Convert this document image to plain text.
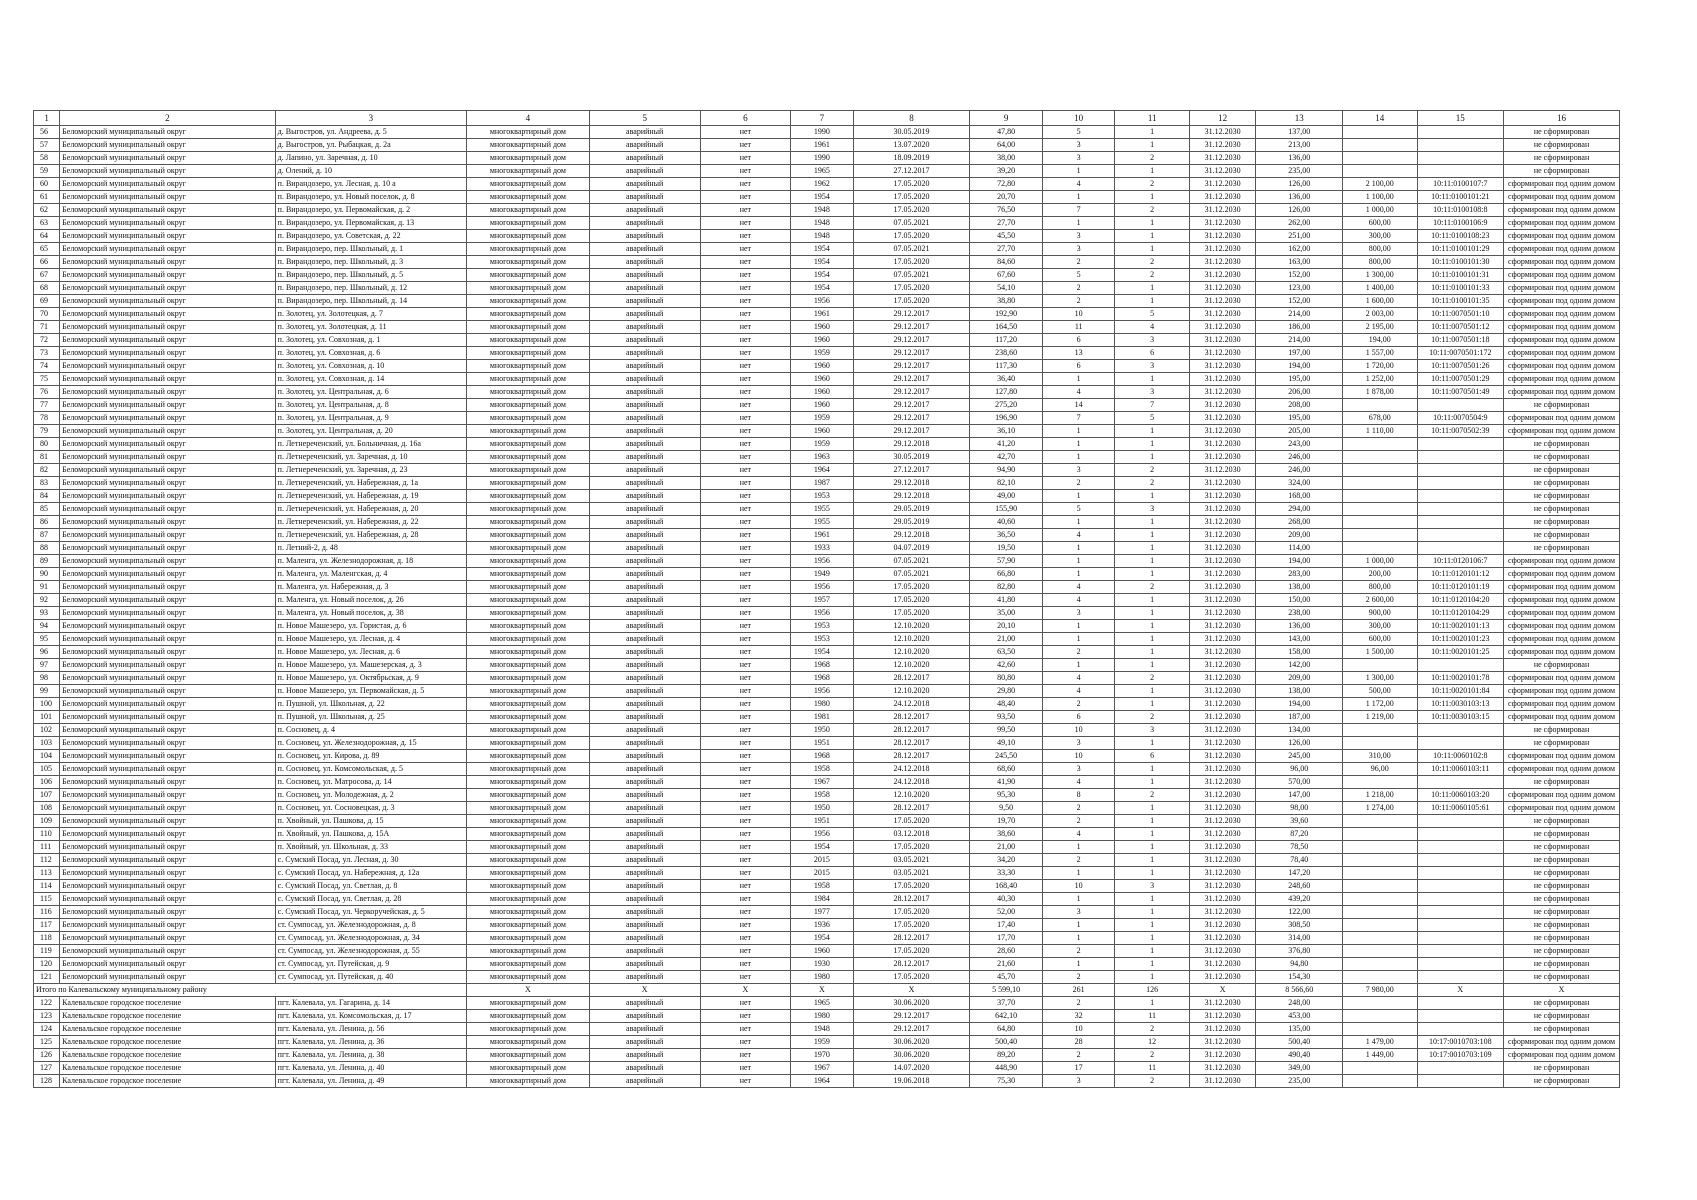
1	2	3	4	5	6	7	8	9	10	11	12	13	14	15	16
56	Беломорский муниципальный округ	д. Выгостров, ул. Андреева, д. 5	многоквартирный дом	аварийный	нет	1990	30.05.2019	47,80	5	1	31.12.2030	137,00			не сформирован
57	Беломорский муниципальный округ	д. Выгостров, ул. Рыбацкая, д. 2а	многоквартирный дом	аварийный	нет	1961	13.07.2020	64,00	3	1	31.12.2030	213,00			не сформирован
58	Беломорский муниципальный округ	д. Лапино, ул. Заречная, д. 10	многоквартирный дом	аварийный	нет	1990	18.09.2019	38,00	3	2	31.12.2030	136,00			не сформирован
59	Беломорский муниципальный округ	д. Олений, д. 10	многоквартирный дом	аварийный	нет	1965	27.12.2017	39,20	1	1	31.12.2030	235,00			не сформирован
60	Беломорский муниципальный округ	п. Вирандозеро, ул. Лесная, д. 10 а	многоквартирный дом	аварийный	нет	1962	17.05.2020	72,80	4	2	31.12.2030	126,00	2 100,00	10:11:0100107:7	сформирован под одним домом
61	Беломорский муниципальный округ	п. Вирандозеро, ул. Новый поселок, д. 8	многоквартирный дом	аварийный	нет	1954	17.05.2020	20,70	1	1	31.12.2030	136,00	1 100,00	10:11:0100101:21	сформирован под одним домом
62	Беломорский муниципальный округ	п. Вирандозеро, ул. Первомайская, д. 2	многоквартирный дом	аварийный	нет	1948	17.05.2020	76,50	7	2	31.12.2030	126,00	1 000,00	10:11:0100108:8	сформирован под одним домом
63	Беломорский муниципальный округ	п. Вирандозеро, ул. Первомайская, д. 13	многоквартирный дом	аварийный	нет	1948	07.05.2021	27,70	1	1	31.12.2030	262,00	600,00	10:11:0100106:9	сформирован под одним домом
64	Беломорский муниципальный округ	п. Вирандозеро, ул. Советская, д. 22	многоквартирный дом	аварийный	нет	1948	17.05.2020	45,50	3	1	31.12.2030	251,00	300,00	10:11:0100108:23	сформирован под одним домом
65	Беломорский муниципальный округ	п. Вирандозеро, пер. Школьный, д. 1	многоквартирный дом	аварийный	нет	1954	07.05.2021	27,70	3	1	31.12.2030	162,00	800,00	10:11:0100101:29	сформирован под одним домом
66	Беломорский муниципальный округ	п. Вирандозеро, пер. Школьный, д. 3	многоквартирный дом	аварийный	нет	1954	17.05.2020	84,60	2	2	31.12.2030	163,00	800,00	10:11:0100101:30	сформирован под одним домом
67	Беломорский муниципальный округ	п. Вирандозеро, пер. Школьный, д. 5	многоквартирный дом	аварийный	нет	1954	07.05.2021	67,60	5	2	31.12.2030	152,00	1 300,00	10:11:0100101:31	сформирован под одним домом
68	Беломорский муниципальный округ	п. Вирандозеро, пер. Школьный, д. 12	многоквартирный дом	аварийный	нет	1954	17.05.2020	54,10	2	1	31.12.2030	123,00	1 400,00	10:11:0100101:33	сформирован под одним домом
69	Беломорский муниципальный округ	п. Вирандозеро, пер. Школьный, д. 14	многоквартирный дом	аварийный	нет	1956	17.05.2020	38,80	2	1	31.12.2030	152,00	1 600,00	10:11:0100101:35	сформирован под одним домом
70	Беломорский муниципальный округ	п. Золотец, ул. Золотецкая, д. 7	многоквартирный дом	аварийный	нет	1961	29.12.2017	192,90	10	5	31.12.2030	214,00	2 003,00	10:11:0070501:10	сформирован под одним домом
71	Беломорский муниципальный округ	п. Золотец, ул. Золотецкая, д. 11	многоквартирный дом	аварийный	нет	1960	29.12.2017	164,50	11	4	31.12.2030	186,00	2 195,00	10:11:0070501:12	сформирован под одним домом
72	Беломорский муниципальный округ	п. Золотец, ул. Совхозная, д. 1	многоквартирный дом	аварийный	нет	1960	29.12.2017	117,20	6	3	31.12.2030	214,00	194,00	10:11:0070501:18	сформирован под одним домом
73	Беломорский муниципальный округ	п. Золотец, ул. Совхозная, д. 6	многоквартирный дом	аварийный	нет	1959	29.12.2017	238,60	13	6	31.12.2030	197,00	1 557,00	10:11:0070501:172	сформирован под одним домом
74	Беломорский муниципальный округ	п. Золотец, ул. Совхозная, д. 10	многоквартирный дом	аварийный	нет	1960	29.12.2017	117,30	6	3	31.12.2030	194,00	1 720,00	10:11:0070501:26	сформирован под одним домом
75	Беломорский муниципальный округ	п. Золотец, ул. Совхозная, д. 14	многоквартирный дом	аварийный	нет	1960	29.12.2017	36,40	1	1	31.12.2030	195,00	1 252,00	10:11:0070501:29	сформирован под одним домом
76	Беломорский муниципальный округ	п. Золотец, ул. Центральная, д. 6	многоквартирный дом	аварийный	нет	1960	29.12.2017	127,80	4	3	31.12.2030	206,00	1 878,00	10:11:0070501:49	сформирован под одним домом
77	Беломорский муниципальный округ	п. Золотец, ул. Центральная, д. 8	многоквартирный дом	аварийный	нет	1960	29.12.2017	275,20	14	7	31.12.2030	208,00			не сформирован
78	Беломорский муниципальный округ	п. Золотец, ул. Центральная, д. 9	многоквартирный дом	аварийный	нет	1959	29.12.2017	196,90	7	5	31.12.2030	195,00	678,00	10:11:0070504:9	сформирован под одним домом
79	Беломорский муниципальный округ	п. Золотец, ул. Центральная, д. 20	многоквартирный дом	аварийный	нет	1960	29.12.2017	36,10	1	1	31.12.2030	205,00	1 110,00	10:11:0070502:39	сформирован под одним домом
80	Беломорский муниципальный округ	п. Летнереченский, ул. Больничная, д. 16а	многоквартирный дом	аварийный	нет	1959	29.12.2018	41,20	1	1	31.12.2030	243,00			не сформирован
81	Беломорский муниципальный округ	п. Летнереченский, ул. Заречная, д. 10	многоквартирный дом	аварийный	нет	1963	30.05.2019	42,70	1	1	31.12.2030	246,00			не сформирован
82	Беломорский муниципальный округ	п. Летнереченский, ул. Заречная, д. 23	многоквартирный дом	аварийный	нет	1964	27.12.2017	94,90	3	2	31.12.2030	246,00			не сформирован
83	Беломорский муниципальный округ	п. Летнереченский, ул. Набережная, д. 1а	многоквартирный дом	аварийный	нет	1987	29.12.2018	82,10	2	2	31.12.2030	324,00			не сформирован
84	Беломорский муниципальный округ	п. Летнереченский, ул. Набережная, д. 19	многоквартирный дом	аварийный	нет	1953	29.12.2018	49,00	1	1	31.12.2030	168,00			не сформирован
85	Беломорский муниципальный округ	п. Летнереченский, ул. Набережная, д. 20	многоквартирный дом	аварийный	нет	1955	29.05.2019	155,90	5	3	31.12.2030	294,00			не сформирован
86	Беломорский муниципальный округ	п. Летнереченский, ул. Набережная, д. 22	многоквартирный дом	аварийный	нет	1955	29.05.2019	40,60	1	1	31.12.2030	268,00			не сформирован
87	Беломорский муниципальный округ	п. Летнереченский, ул. Набережная, д. 28	многоквартирный дом	аварийный	нет	1961	29.12.2018	36,50	4	1	31.12.2030	209,00			не сформирован
88	Беломорский муниципальный округ	п. Летний-2, д. 48	многоквартирный дом	аварийный	нет	1933	04.07.2019	19,50	1	1	31.12.2030	114,00			не сформирован
89	Беломорский муниципальный округ	п. Маленга, ул. Железнодорожная, д. 18	многоквартирный дом	аварийный	нет	1956	07.05.2021	57,90	1	1	31.12.2030	194,00	1 000,00	10:11:0120106:7	сформирован под одним домом
90	Беломорский муниципальный округ	п. Маленга, ул. Маленгская, д. 4	многоквартирный дом	аварийный	нет	1949	07.05.2021	66,80	1	1	31.12.2030	283,00	200,00	10:11:0120101:12	сформирован под одним домом
91	Беломорский муниципальный округ	п. Маленга, ул. Набережная, д. 3	многоквартирный дом	аварийный	нет	1956	17.05.2020	82,80	4	2	31.12.2030	138,00	800,00	10:11:0120101:19	сформирован под одним домом
92	Беломорский муниципальный округ	п. Маленга, ул. Новый поселок, д. 26	многоквартирный дом	аварийный	нет	1957	17.05.2020	41,80	4	1	31.12.2030	150,00	2 600,00	10:11:0120104:20	сформирован под одним домом
93	Беломорский муниципальный округ	п. Маленга, ул. Новый поселок, д. 38	многоквартирный дом	аварийный	нет	1956	17.05.2020	35,00	3	1	31.12.2030	238,00	900,00	10:11:0120104:29	сформирован под одним домом
94	Беломорский муниципальный округ	п. Новое Машезеро, ул. Гористая, д. 6	многоквартирный дом	аварийный	нет	1953	12.10.2020	20,10	1	1	31.12.2030	136,00	300,00	10:11:0020101:13	сформирован под одним домом
95	Беломорский муниципальный округ	п. Новое Машезеро, ул. Лесная, д. 4	многоквартирный дом	аварийный	нет	1953	12.10.2020	21,00	1	1	31.12.2030	143,00	600,00	10:11:0020101:23	сформирован под одним домом
96	Беломорский муниципальный округ	п. Новое Машезеро, ул. Лесная, д. 6	многоквартирный дом	аварийный	нет	1954	12.10.2020	63,50	2	1	31.12.2030	158,00	1 500,00	10:11:0020101:25	сформирован под одним домом
97	Беломорский муниципальный округ	п. Новое Машезеро, ул. Машезерская, д. 3	многоквартирный дом	аварийный	нет	1968	12.10.2020	42,60	1	1	31.12.2030	142,00			не сформирован
98	Беломорский муниципальный округ	п. Новое Машезеро, ул. Октябрьская, д. 9	многоквартирный дом	аварийный	нет	1968	28.12.2017	80,80	4	2	31.12.2030	209,00	1 300,00	10:11:0020101:78	сформирован под одним домом
99	Беломорский муниципальный округ	п. Новое Машезеро, ул. Первомайская, д. 5	многоквартирный дом	аварийный	нет	1956	12.10.2020	29,80	4	1	31.12.2030	138,00	500,00	10:11:0020101:84	сформирован под одним домом
100	Беломорский муниципальный округ	п. Пушной, ул. Школьная, д. 22	многоквартирный дом	аварийный	нет	1980	24.12.2018	48,40	2	1	31.12.2030	194,00	1 172,00	10:11:0030103:13	сформирован под одним домом
101	Беломорский муниципальный округ	п. Пушной, ул. Школьная, д. 25	многоквартирный дом	аварийный	нет	1981	28.12.2017	93,50	6	2	31.12.2030	187,00	1 219,00	10:11:0030103:15	сформирован под одним домом
102	Беломорский муниципальный округ	п. Сосновец, д. 4	многоквартирный дом	аварийный	нет	1950	28.12.2017	99,50	10	3	31.12.2030	134,00			не сформирован
103	Беломорский муниципальный округ	п. Сосновец, ул. Железнодорожная, д. 15	многоквартирный дом	аварийный	нет	1951	28.12.2017	49,10	3	1	31.12.2030	126,00			не сформирован
104	Беломорский муниципальный округ	п. Сосновец, ул. Кирова, д. 89	многоквартирный дом	аварийный	нет	1968	28.12.2017	245,50	10	6	31.12.2030	245,00	310,00	10:11:0060102:8	сформирован под одним домом
105	Беломорский муниципальный округ	п. Сосновец, ул. Комсомольская, д. 5	многоквартирный дом	аварийный	нет	1958	24.12.2018	68,60	3	1	31.12.2030	96,00	96,00	10:11:0060103:11	сформирован под одним домом
106	Беломорский муниципальный округ	п. Сосновец, ул. Матросова, д. 14	многоквартирный дом	аварийный	нет	1967	24.12.2018	41,90	4	1	31.12.2030	570,00			не сформирован
107	Беломорский муниципальный округ	п. Сосновец, ул. Молодежная, д. 2	многоквартирный дом	аварийный	нет	1958	12.10.2020	95,30	8	2	31.12.2030	147,00	1 218,00	10:11:0060103:20	сформирован под одним домом
108	Беломорский муниципальный округ	п. Сосновец, ул. Сосновецкая, д. 3	многоквартирный дом	аварийный	нет	1950	28.12.2017	9,50	2	1	31.12.2030	98,00	1 274,00	10:11:0060105:61	сформирован под одним домом
109	Беломорский муниципальный округ	п. Хвойный, ул. Пашкова, д. 15	многоквартирный дом	аварийный	нет	1951	17.05.2020	19,70	2	1	31.12.2030	39,60			не сформирован
110	Беломорский муниципальный округ	п. Хвойный, ул. Пашкова, д. 15А	многоквартирный дом	аварийный	нет	1956	03.12.2018	38,60	4	1	31.12.2030	87,20			не сформирован
111	Беломорский муниципальный округ	п. Хвойный, ул. Школьная, д. 33	многоквартирный дом	аварийный	нет	1954	17.05.2020	21,00	1	1	31.12.2030	78,50			не сформирован
112	Беломорский муниципальный округ	с. Сумский Посад, ул. Лесная, д. 30	многоквартирный дом	аварийный	нет	2015	03.05.2021	34,20	2	1	31.12.2030	78,40			не сформирован
113	Беломорский муниципальный округ	с. Сумский Посад, ул. Набережная, д. 12а	многоквартирный дом	аварийный	нет	2015	03.05.2021	33,30	1	1	31.12.2030	147,20			не сформирован
114	Беломорский муниципальный округ	с. Сумский Посад, ул. Светлая, д. 8	многоквартирный дом	аварийный	нет	1958	17.05.2020	168,40	10	3	31.12.2030	248,60			не сформирован
115	Беломорский муниципальный округ	с. Сумский Посад, ул. Светлая, д. 28	многоквартирный дом	аварийный	нет	1984	28.12.2017	40,30	1	1	31.12.2030	439,20			не сформирован
116	Беломорский муниципальный округ	с. Сумский Посад, ул. Черкоручейская, д. 5	многоквартирный дом	аварийный	нет	1977	17.05.2020	52,00	3	1	31.12.2030	122,00			не сформирован
117	Беломорский муниципальный округ	ст. Сумпосад, ул. Железнодорожная, д. 8	многоквартирный дом	аварийный	нет	1936	17.05.2020	17,40	1	1	31.12.2030	308,50			не сформирован
118	Беломорский муниципальный округ	ст. Сумпосад, ул. Железнодорожная, д. 34	многоквартирный дом	аварийный	нет	1954	28.12.2017	17,70	1	1	31.12.2030	314,00			не сформирован
119	Беломорский муниципальный округ	ст. Сумпосад, ул. Железнодорожная, д. 55	многоквартирный дом	аварийный	нет	1960	17.05.2020	28,60	2	1	31.12.2030	376,80			не сформирован
120	Беломорский муниципальный округ	ст. Сумпосад, ул. Путейская, д. 9	многоквартирный дом	аварийный	нет	1930	28.12.2017	21,60	1	1	31.12.2030	94,80			не сформирован
121	Беломорский муниципальный округ	ст. Сумпосад, ул. Путейская, д. 40	многоквартирный дом	аварийный	нет	1980	17.05.2020	45,70	2	1	31.12.2030	154,30			не сформирован
Итого по Калевальскому муниципальному району			X	X	X	X	X	5 599,10	261	126	X	8 566,60	7 980,00	X	X
122	Калевальское городское поселение	пгт. Калевала, ул. Гагарина, д. 14	многоквартирный дом	аварийный	нет	1965	30.06.2020	37,70	2	1	31.12.2030	248,00			не сформирован
123	Калевальское городское поселение	пгт. Калевала, ул. Комсомольская, д. 17	многоквартирный дом	аварийный	нет	1980	29.12.2017	642,10	32	11	31.12.2030	453,00			не сформирован
124	Калевальское городское поселение	пгт. Калевала, ул. Ленина, д. 56	многоквартирный дом	аварийный	нет	1948	29.12.2017	64,80	10	2	31.12.2030	135,00			не сформирован
125	Калевальское городское поселение	пгт. Калевала, ул. Ленина, д. 36	многоквартирный дом	аварийный	нет	1959	30.06.2020	500,40	28	12	31.12.2030	500,40	1 479,00	10:17:0010703:108	сформирован под одним домом
126	Калевальское городское поселение	пгт. Калевала, ул. Ленина, д. 38	многоквартирный дом	аварийный	нет	1970	30.06.2020	89,20	2	2	31.12.2030	490,40	1 449,00	10:17:0010703:109	сформирован под одним домом
127	Калевальское городское поселение	пгт. Калевала, ул. Ленина, д. 40	многоквартирный дом	аварийный	нет	1967	14.07.2020	448,90	17	11	31.12.2030	349,00			не сформирован
128	Калевальское городское поселение	пгт. Калевала, ул. Ленина, д. 49	многоквартирный дом	аварийный	нет	1964	19.06.2018	75,30	3	2	31.12.2030	235,00			не сформирован
